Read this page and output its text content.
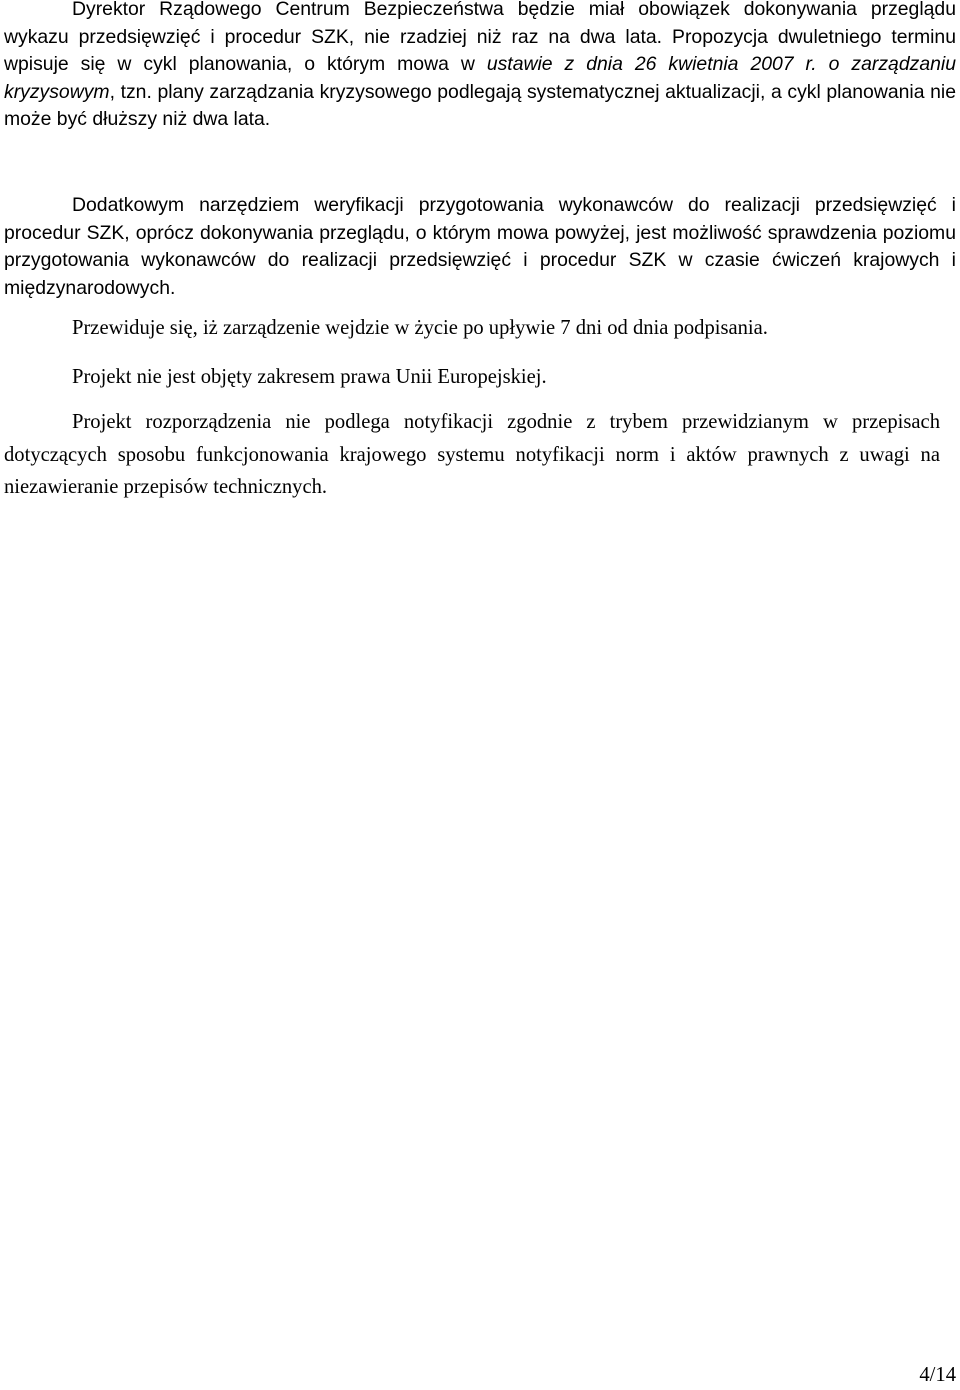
Dyrektor Rządowego Centrum Bezpieczeństwa będzie miał obowiązek dokonywania przeglądu wykazu przedsięwzięć i procedur SZK, nie rzadziej niż raz na dwa lata. Propozycja dwuletniego terminu wpisuje się w cykl planowania, o którym mowa w ustawie z dnia 26 kwietnia 2007 r. o zarządzaniu kryzysowym, tzn. plany zarządzania kryzysowego podlegają systematycznej aktualizacji, a cykl planowania nie może być dłuższy niż dwa lata.

Dodatkowym narzędziem weryfikacji przygotowania wykonawców do realizacji przedsięwzięć i procedur SZK, oprócz dokonywania przeglądu, o którym mowa powyżej, jest możliwość sprawdzenia poziomu przygotowania wykonawców do realizacji przedsięwzięć i procedur SZK w czasie ćwiczeń krajowych i międzynarodowych.

Przewiduje się, iż zarządzenie wejdzie w życie po upływie 7 dni od dnia podpisania.

Projekt nie jest objęty zakresem prawa Unii Europejskiej.

Projekt rozporządzenia nie podlega notyfikacji zgodnie z trybem przewidzianym w przepisach dotyczących sposobu funkcjonowania krajowego systemu notyfikacji norm i aktów prawnych z uwagi na niezawieranie przepisów technicznych.

4/14
